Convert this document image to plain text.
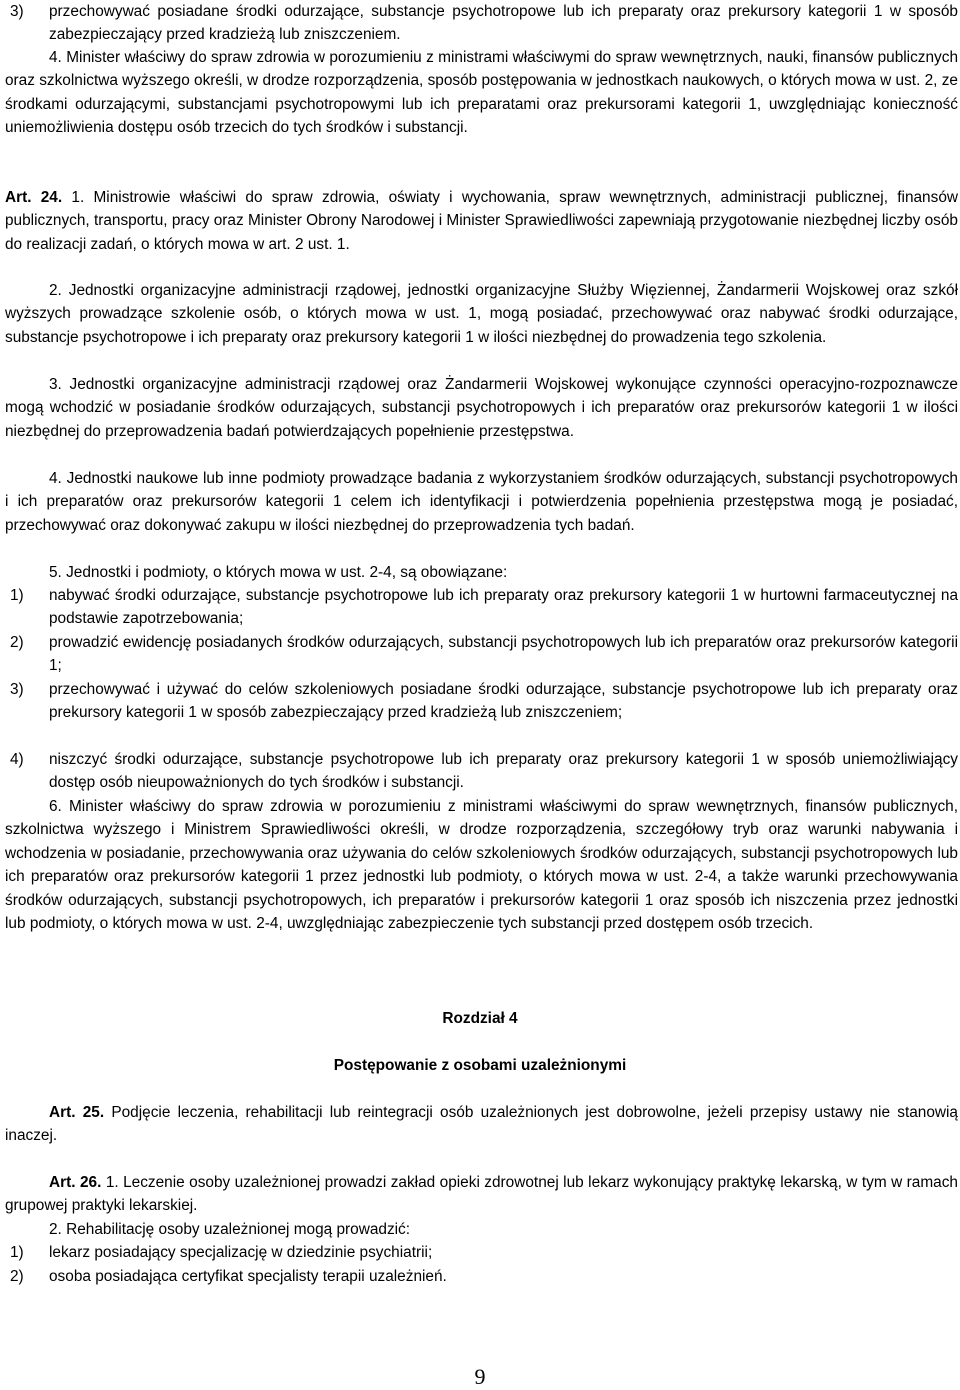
3) przechowywać posiadane środki odurzające, substancje psychotropowe lub ich preparaty oraz prekursory kategorii 1 w sposób zabezpieczający przed kradzieżą lub zniszczeniem.
4. Minister właściwy do spraw zdrowia w porozumieniu z ministrami właściwymi do spraw wewnętrznych, nauki, finansów publicznych oraz szkolnictwa wyższego określi, w drodze rozporządzenia, sposób postępowania w jednostkach naukowych, o których mowa w ust. 2, ze środkami odurzającymi, substancjami psychotropowymi lub ich preparatami oraz prekursorami kategorii 1, uwzględniając konieczność uniemożliwienia dostępu osób trzecich do tych środków i substancji.
Art. 24. 1. Ministrowie właściwi do spraw zdrowia, oświaty i wychowania, spraw wewnętrznych, administracji publicznej, finansów publicznych, transportu, pracy oraz Minister Obrony Narodowej i Minister Sprawiedliwości zapewniają przygotowanie niezbędnej liczby osób do realizacji zadań, o których mowa w art. 2 ust. 1.
2. Jednostki organizacyjne administracji rządowej, jednostki organizacyjne Służby Więziennej, Żandarmerii Wojskowej oraz szkół wyższych prowadzące szkolenie osób, o których mowa w ust. 1, mogą posiadać, przechowywać oraz nabywać środki odurzające, substancje psychotropowe i ich preparaty oraz prekursory kategorii 1 w ilości niezbędnej do prowadzenia tego szkolenia.
3. Jednostki organizacyjne administracji rządowej oraz Żandarmerii Wojskowej wykonujące czynności operacyjno-rozpoznawcze mogą wchodzić w posiadanie środków odurzających, substancji psychotropowych i ich preparatów oraz prekursorów kategorii 1 w ilości niezbędnej do przeprowadzenia badań potwierdzających popełnienie przestępstwa.
4. Jednostki naukowe lub inne podmioty prowadzące badania z wykorzystaniem środków odurzających, substancji psychotropowych i ich preparatów oraz prekursorów kategorii 1 celem ich identyfikacji i potwierdzenia popełnienia przestępstwa mogą je posiadać, przechowywać oraz dokonywać zakupu w ilości niezbędnej do przeprowadzenia tych badań.
5. Jednostki i podmioty, o których mowa w ust. 2-4, są obowiązane:
1) nabywać środki odurzające, substancje psychotropowe lub ich preparaty oraz prekursory kategorii 1 w hurtowni farmaceutycznej na podstawie zapotrzebowania;
2) prowadzić ewidencję posiadanych środków odurzających, substancji psychotropowych lub ich preparatów oraz prekursorów kategorii 1;
3) przechowywać i używać do celów szkoleniowych posiadane środki odurzające, substancje psychotropowe lub ich preparaty oraz prekursory kategorii 1 w sposób zabezpieczający przed kradzieżą lub zniszczeniem;
4) niszczyć środki odurzające, substancje psychotropowe lub ich preparaty oraz prekursory kategorii 1 w sposób uniemożliwiający dostęp osób nieupoważnionych do tych środków i substancji.
6. Minister właściwy do spraw zdrowia w porozumieniu z ministrami właściwymi do spraw wewnętrznych, finansów publicznych, szkolnictwa wyższego i Ministrem Sprawiedliwości określi, w drodze rozporządzenia, szczegółowy tryb oraz warunki nabywania i wchodzenia w posiadanie, przechowywania oraz używania do celów szkoleniowych środków odurzających, substancji psychotropowych lub ich preparatów oraz prekursorów kategorii 1 przez jednostki lub podmioty, o których mowa w ust. 2-4, a także warunki przechowywania środków odurzających, substancji psychotropowych, ich preparatów i prekursorów kategorii 1 oraz sposób ich niszczenia przez jednostki lub podmioty, o których mowa w ust. 2-4, uwzględniając zabezpieczenie tych substancji przed dostępem osób trzecich.
Rozdział 4
Postępowanie z osobami uzależnionymi
Art. 25. Podjęcie leczenia, rehabilitacji lub reintegracji osób uzależnionych jest dobrowolne, jeżeli przepisy ustawy nie stanowią inaczej.
Art. 26. 1. Leczenie osoby uzależnionej prowadzi zakład opieki zdrowotnej lub lekarz wykonujący praktykę lekarską, w tym w ramach grupowej praktyki lekarskiej.
2. Rehabilitację osoby uzależnionej mogą prowadzić:
1) lekarz posiadający specjalizację w dziedzinie psychiatrii;
2) osoba posiadająca certyfikat specjalisty terapii uzależnień.
9
